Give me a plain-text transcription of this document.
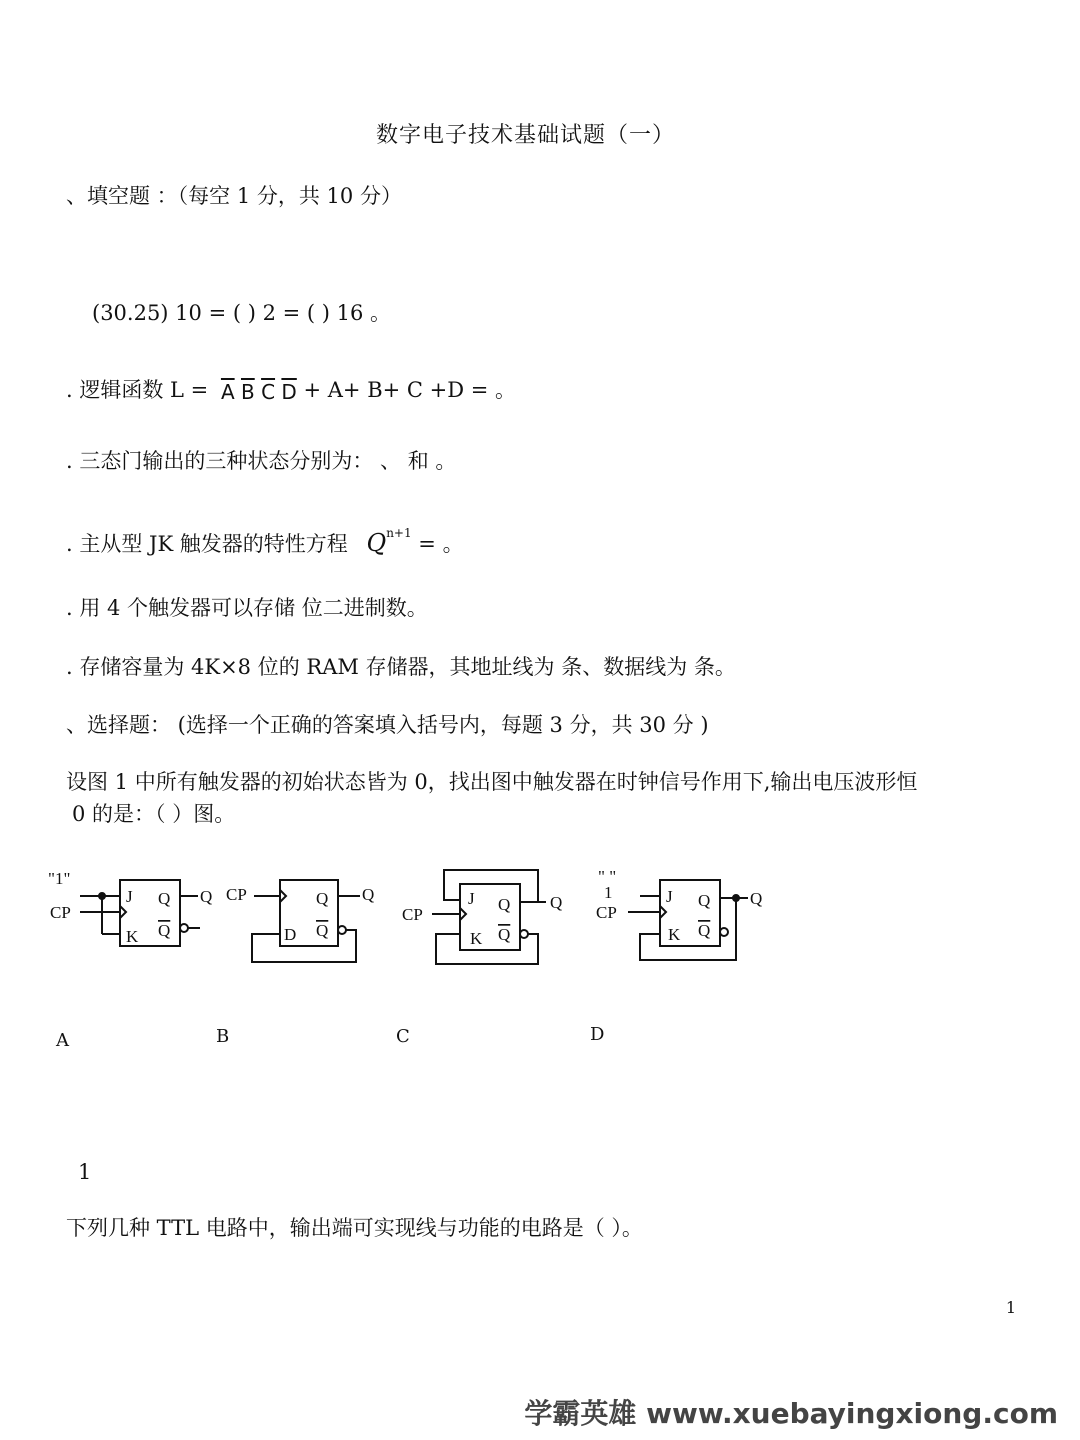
数字电子技术基础试题（一）
、填空题 ：（每空 1 分，共 10 分）
(30.25) 10 = ( ) 2 = ( ) 16 。
. 逻辑函数 $L = \overline{A}$ $\overline{B}$ $\overline{C}$ $\overline{D} + A+ B+ C +D$ = 。
. 三态门输出的三种状态分别为： 、 和 。
. 主从型 JK 触发器的特性方程 $Q^{n+1}$ = 。
. 用 4 个触发器可以存储 位二进制数。
. 存储容量为 4K×8 位的 RAM 存储器，其地址线为 条、数据线为 条。
、选择题： (选择一个正确的答案填入括号内，每题 3 分，共 30 分 )
设图 1 中所有触发器的初始状态皆为 0，找出图中触发器在时钟信号作用下,输出电压波形恒
0 的是：（ ）图。
"1"
CP
J
K
Q
Q
Q CP	Q
D Q
Q
CP
J
K
Q
Q
Q
" "
1
CP
J
K
Q
Q
Q
A	B	C	D
1
下列几种 TTL 电路中，输出端可实现线与功能的电路是（ ）。
1
学霸英雄 www.xuebayingxiong.com
